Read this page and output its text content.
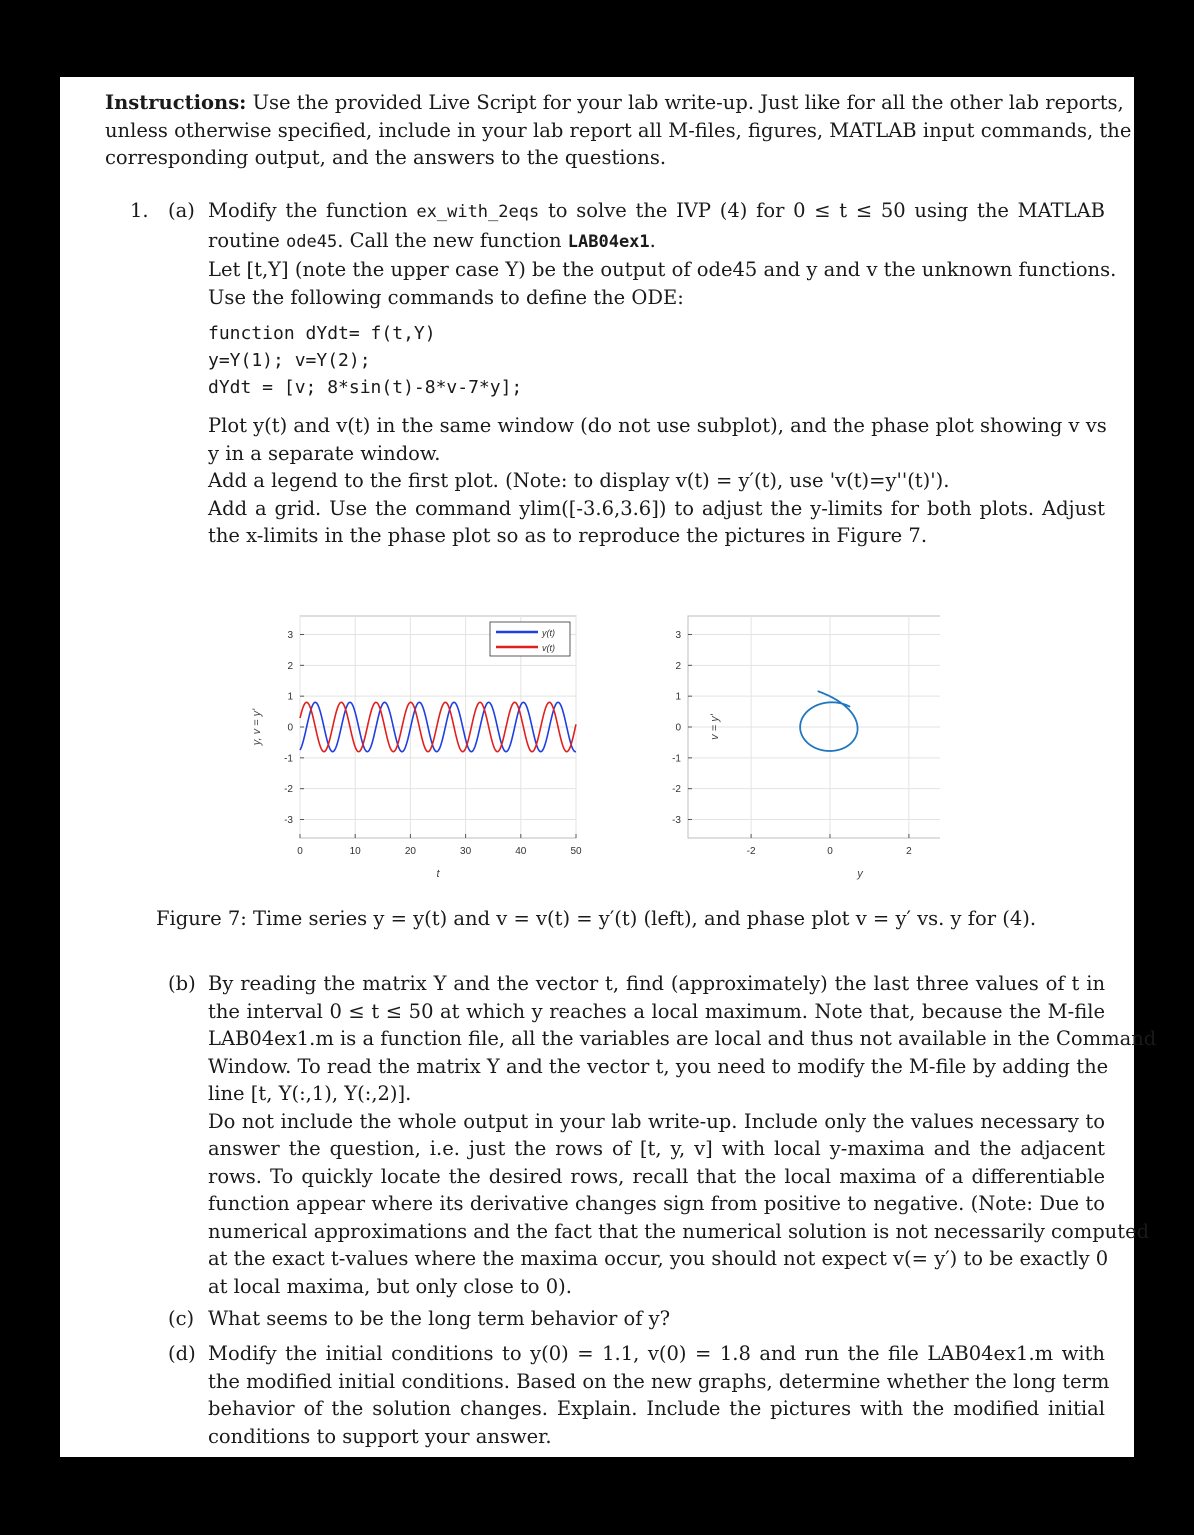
Instructions: Use the provided Live Script for your lab write-up. Just like for all the other lab reports,
unless otherwise specified, include in your lab report all M-files, figures, MATLAB input commands, the
corresponding output, and the answers to the questions.
1. (a) Modify the function ex_with_2eqs to solve the IVP (4) for 0 ≤ t ≤ 50 using the MATLAB
routine ode45. Call the new function LAB04ex1.
Let [t,Y] (note the upper case Y) be the output of ode45 and y and v the unknown functions.
Use the following commands to define the ODE:
function dYdt= f(t,Y)
y=Y(1); v=Y(2);
dYdt = [v; 8*sin(t)-8*v-7*y];
Plot y(t) and v(t) in the same window (do not use subplot), and the phase plot showing v vs
y in a separate window.
Add a legend to the first plot. (Note: to display v(t) = y′(t), use 'v(t)=y''(t)').
Add a grid. Use the command ylim([-3.6,3.6]) to adjust the y-limits for both plots. Adjust
the x-limits in the phase plot so as to reproduce the pictures in Figure 7.
0	10	20	30	40	50
3
2
1
0
-1
-2
-3
y(t)
v(t)
t
y, v = y'
-2	0	2
3
2
1
0
-1
-2
-3
y
v = y'
Figure 7: Time series y = y(t) and v = v(t) = y′(t) (left), and phase plot v = y′ vs. y for (4).
(b) By reading the matrix Y and the vector t, find (approximately) the last three values of t in
the interval 0 ≤ t ≤ 50 at which y reaches a local maximum. Note that, because the M-file
LAB04ex1.m is a function file, all the variables are local and thus not available in the Command
Window. To read the matrix Y and the vector t, you need to modify the M-file by adding the
line [t, Y(:,1), Y(:,2)].
Do not include the whole output in your lab write-up. Include only the values necessary to
answer the question, i.e. just the rows of [t, y, v] with local y-maxima and the adjacent
rows. To quickly locate the desired rows, recall that the local maxima of a differentiable
function appear where its derivative changes sign from positive to negative. (Note: Due to
numerical approximations and the fact that the numerical solution is not necessarily computed
at the exact t-values where the maxima occur, you should not expect v(= y′) to be exactly 0
at local maxima, but only close to 0).
(c) What seems to be the long term behavior of y?
(d) Modify the initial conditions to y(0) = 1.1, v(0) = 1.8 and run the file LAB04ex1.m with
the modified initial conditions. Based on the new graphs, determine whether the long term
behavior of the solution changes. Explain. Include the pictures with the modified initial
conditions to support your answer.
